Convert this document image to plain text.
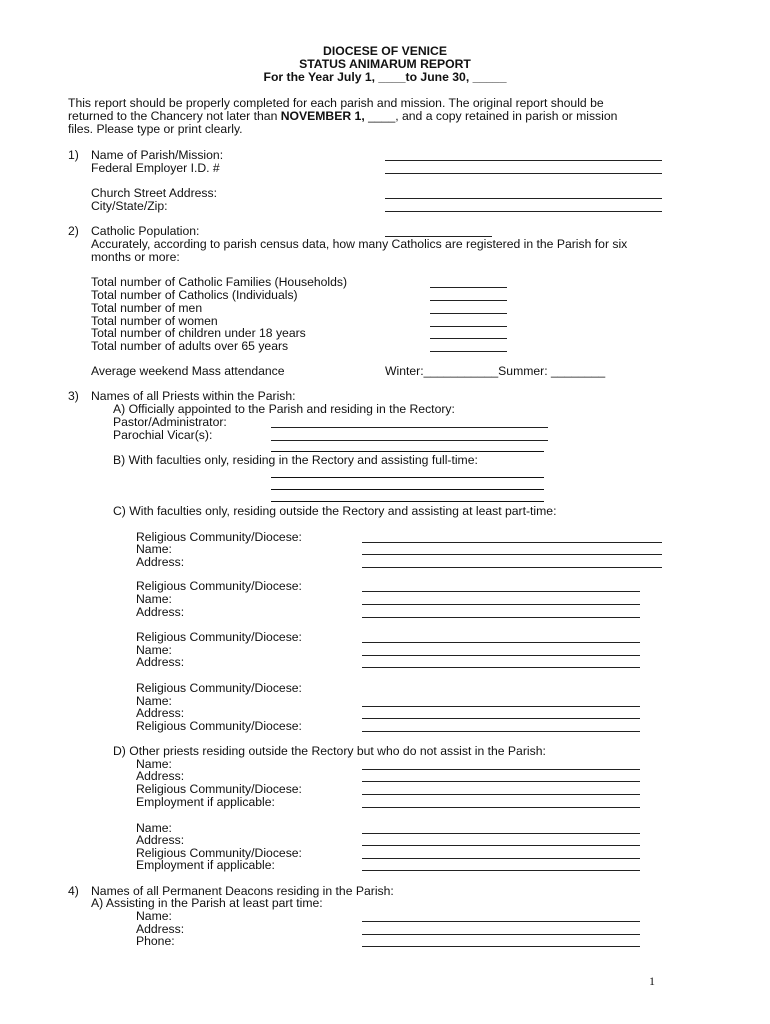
DIOCESE OF VENICE
STATUS ANIMARUM REPORT
For the Year July 1, ____to June 30, _____
This report should be properly completed for each parish and mission. The original report should be
returned to the Chancery not later than NOVEMBER 1, ____, and a copy retained in parish or mission
files. Please type or print clearly.
1) Name of Parish/Mission:
Federal Employer I.D. #
Church Street Address:
City/State/Zip:
2) Catholic Population:
Accurately, according to parish census data, how many Catholics are registered in the Parish for six
months or more:
Total number of Catholic Families (Households)
Total number of Catholics (Individuals)
Total number of men
Total number of women
Total number of children under 18 years
Total number of adults over 65 years
Average weekend Mass attendance	Winter:___________Summer: ________
3) Names of all Priests within the Parish:
A) Officially appointed to the Parish and residing in the Rectory:
Pastor/Administrator:
Parochial Vicar(s):
B) With faculties only, residing in the Rectory and assisting full-time:
C) With faculties only, residing outside the Rectory and assisting at least part-time:
Religious Community/Diocese:
Name:
Address:
Religious Community/Diocese:
Name:
Address:
Religious Community/Diocese:
Name:
Address:
Religious Community/Diocese:
Name:
Address:
Religious Community/Diocese:
D) Other priests residing outside the Rectory but who do not assist in the Parish:
Name:
Address:
Religious Community/Diocese:
Employment if applicable:
Name:
Address:
Religious Community/Diocese:
Employment if applicable:
4) Names of all Permanent Deacons residing in the Parish:
A) Assisting in the Parish at least part time:
Name:
Address:
Phone:
1
